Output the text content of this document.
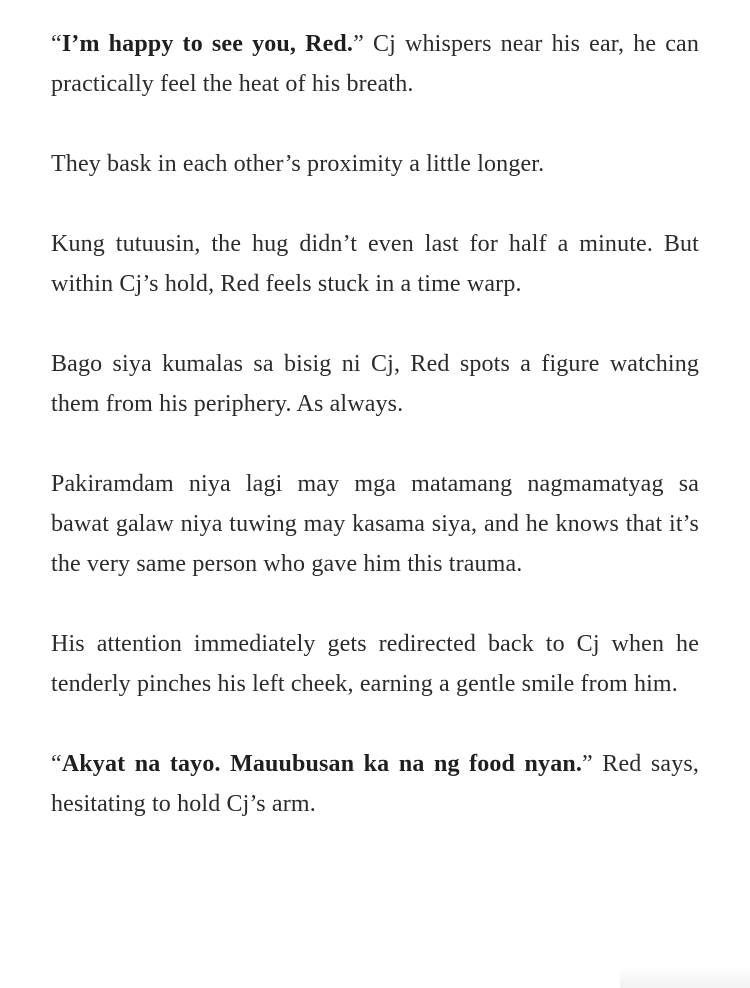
“I’m happy to see you, Red.” Cj whispers near his ear, he can practically feel the heat of his breath.

They bask in each other’s proximity a little longer.

Kung tutuusin, the hug didn’t even last for half a minute. But within Cj’s hold, Red feels stuck in a time warp.

Bago siya kumalas sa bisig ni Cj, Red spots a figure watching them from his periphery. As always.

Pakiramdam niya lagi may mga matamang nagmamatyag sa bawat galaw niya tuwing may kasama siya, and he knows that it’s the very same person who gave him this trauma.

His attention immediately gets redirected back to Cj when he tenderly pinches his left cheek, earning a gentle smile from him.

“Akyat na tayo. Mauubusan ka na ng food nyan.” Red says, hesitating to hold Cj’s arm.
